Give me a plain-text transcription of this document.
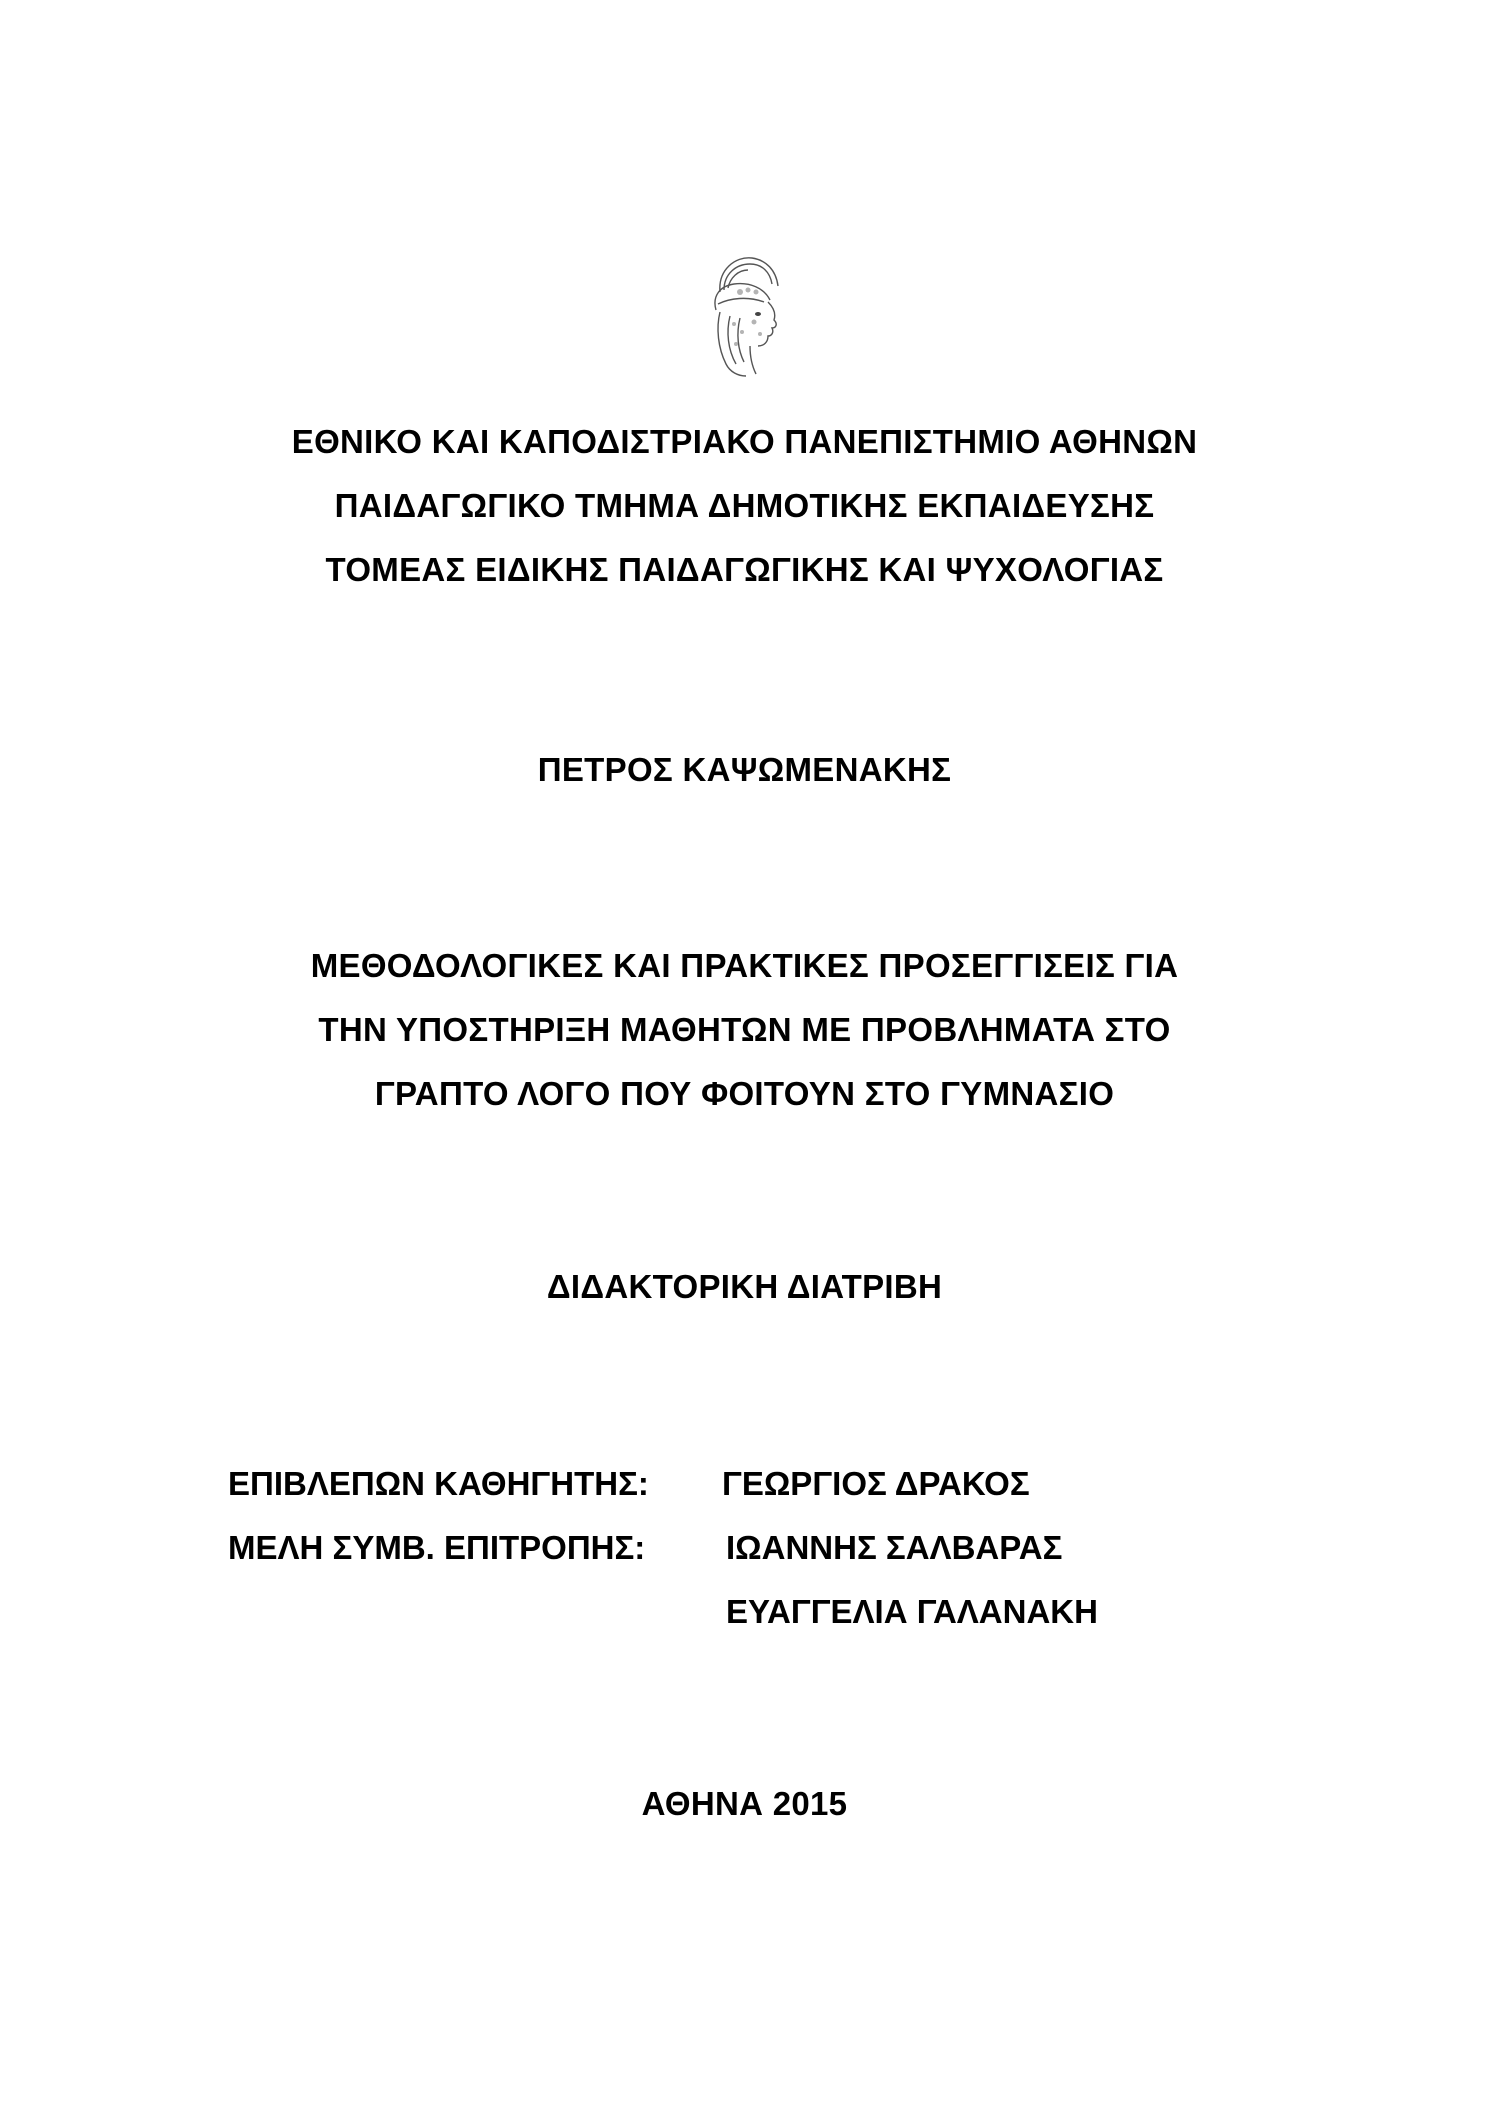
ΕΘΝΙΚΟ ΚΑΙ ΚΑΠΟΔΙΣΤΡΙΑΚΟ ΠΑΝΕΠΙΣΤΗΜΙΟ ΑΘΗΝΩΝ
ΠΑΙΔΑΓΩΓΙΚΟ ΤΜΗΜΑ ΔΗΜΟΤΙΚΗΣ ΕΚΠΑΙΔΕΥΣΗΣ
ΤΟΜΕΑΣ ΕΙΔΙΚΗΣ ΠΑΙΔΑΓΩΓΙΚΗΣ ΚΑΙ ΨΥΧΟΛΟΓΙΑΣ
ΠΕΤΡΟΣ ΚΑΨΩΜΕΝΑΚΗΣ
ΜΕΘΟΔΟΛΟΓΙΚΕΣ ΚΑΙ ΠΡΑΚΤΙΚΕΣ ΠΡΟΣΕΓΓΙΣΕΙΣ ΓΙΑ
ΤΗΝ ΥΠΟΣΤΗΡΙΞΗ ΜΑΘΗΤΩΝ ΜΕ ΠΡΟΒΛΗΜΑΤΑ ΣΤΟ
ΓΡΑΠΤΟ ΛΟΓΟ ΠΟΥ ΦΟΙΤΟΥΝ ΣΤΟ ΓΥΜΝΑΣΙΟ
ΔΙΔΑΚΤΟΡΙΚΗ ΔΙΑΤΡΙΒΗ
ΕΠΙΒΛΕΠΩΝ ΚΑΘΗΓΗΤΗΣ: ΓΕΩΡΓΙΟΣ ΔΡΑΚΟΣ
ΜΕΛΗ ΣΥΜΒ. ΕΠΙΤΡΟΠΗΣ: ΙΩΑΝΝΗΣ ΣΑΛΒΑΡΑΣ
ΕΥΑΓΓΕΛΙΑ ΓΑΛΑΝΑΚΗ
ΑΘΗΝΑ 2015
